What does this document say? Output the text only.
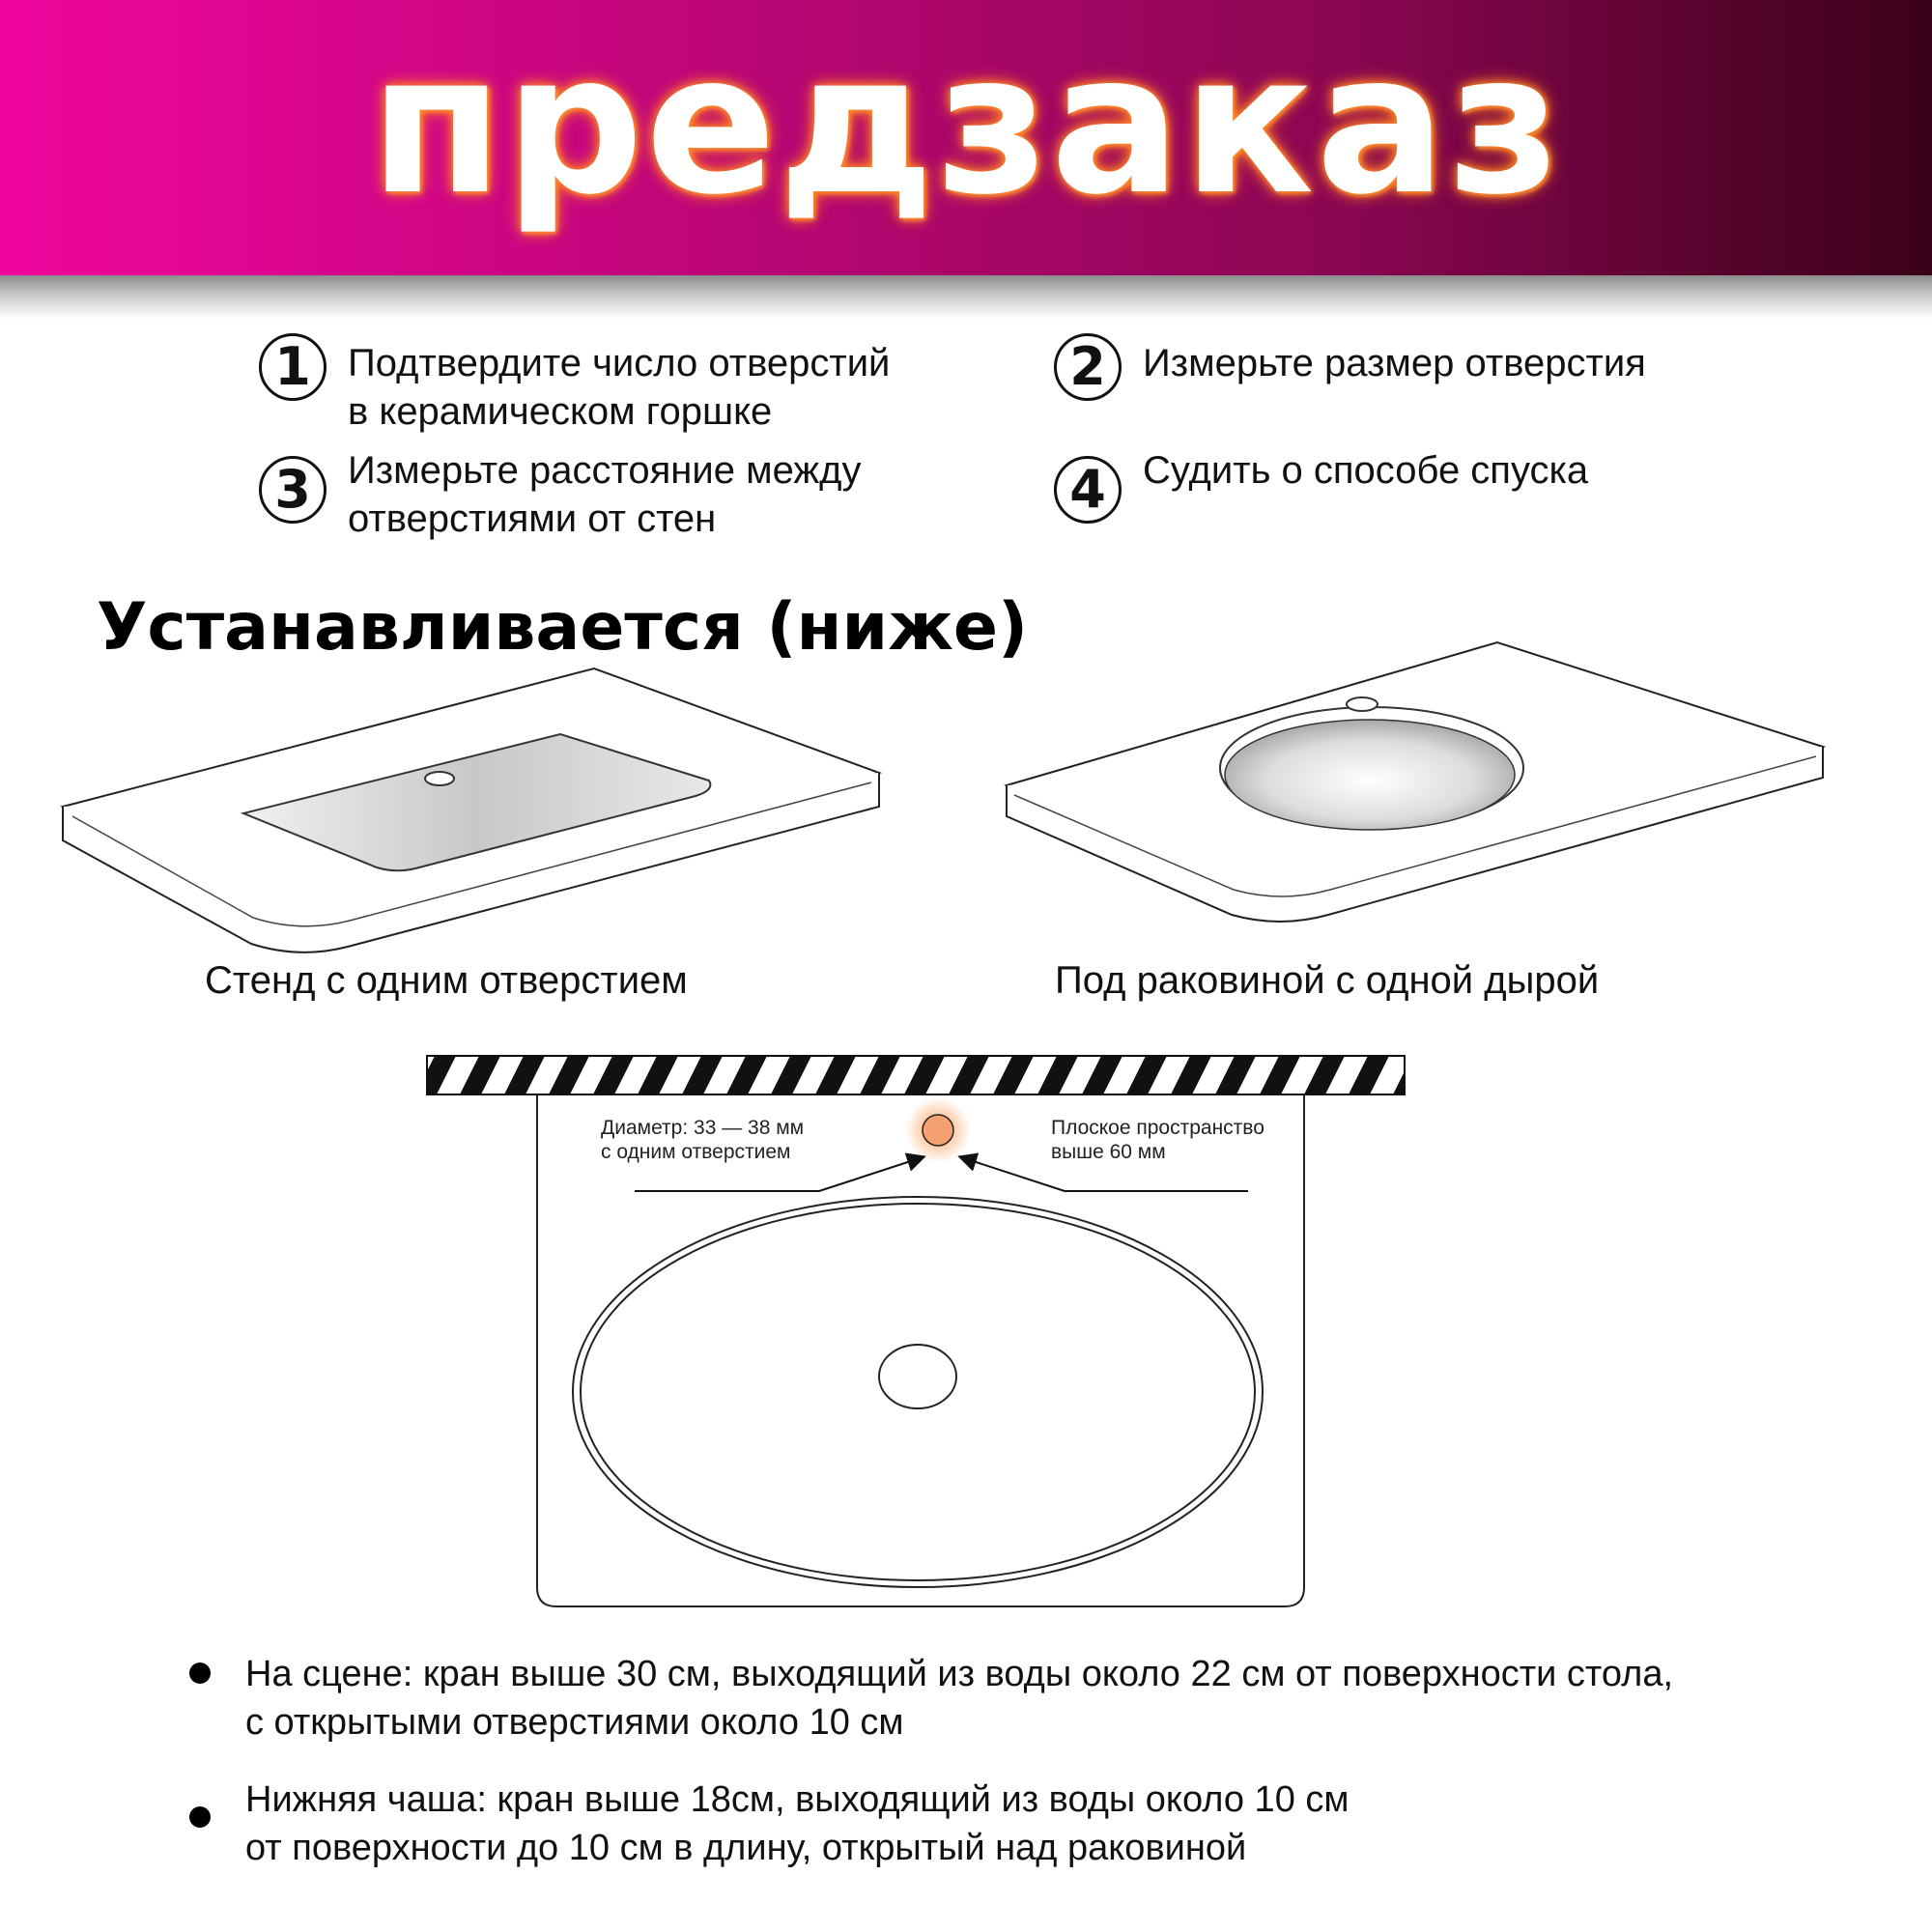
предзаказ
1 Подтвердите число отверстий
в керамическом горшке
2 Измерьте размер отверстия
3 Измерьте расстояние между
отверстиями от стен	4 Судить о способе спуска
Устанавливается (ниже)
Стенд с одним отверстием	Под раковиной с одной дырой
Диаметр: 33 — 38 мм
с одним отверстием
Плоское пространство
выше 60 мм
На сцене: кран выше 30 см, выходящий из воды около 22 см от поверхности стола,
с открытыми отверстиями около 10 см
Нижняя чаша: кран выше 18см, выходящий из воды около 10 см
от поверхности до 10 см в длину, открытый над раковиной
